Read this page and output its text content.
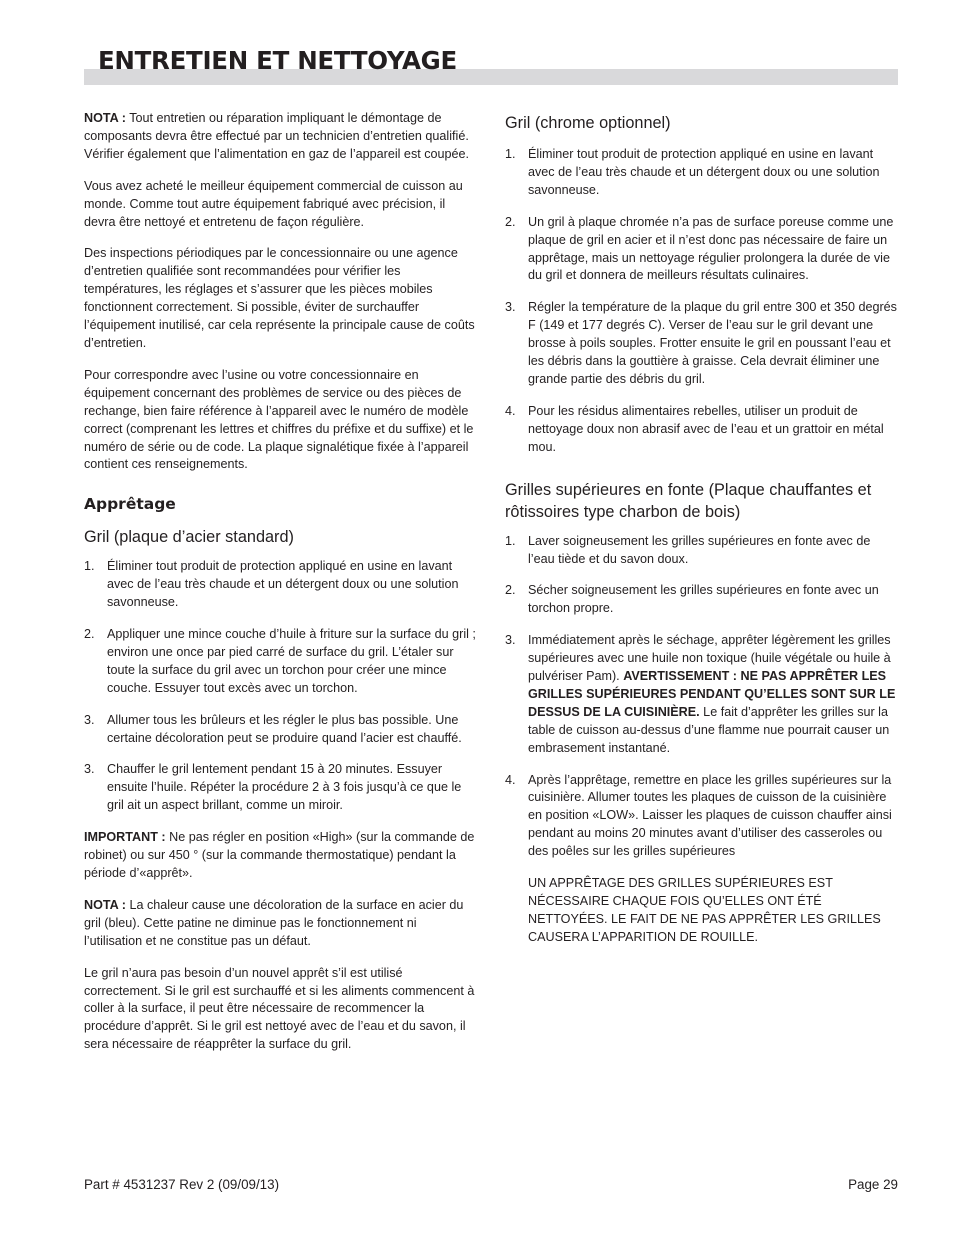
ENTRETIEN ET NETTOYAGE

NOTA : Tout entretien ou réparation impliquant le démontage de composants devra être effectué par un technicien d’entretien qualifié. Vérifier également que l’alimentation en gaz de l’appareil est coupée.

Vous avez acheté le meilleur équipement commercial de cuisson au monde. Comme tout autre équipement fabriqué avec précision, il devra être nettoyé et entretenu de façon régulière.

Des inspections périodiques par le concessionnaire ou une agence d’entretien qualifiée sont recommandées pour vérifier les températures, les réglages et s’assurer que les pièces mobiles fonctionnent correctement. Si possible, éviter de surchauffer l’équipement inutilisé, car cela représente la principale cause de coûts d’entretien.

Pour correspondre avec l’usine ou votre concessionnaire en équipement concernant des problèmes de service ou des pièces de rechange, bien faire référence à l’appareil avec le numéro de modèle correct (comprenant les lettres et chiffres du préfixe et du suffixe) et le numéro de série ou de code. La plaque signalétique fixée à l’appareil contient ces renseignements.

Apprêtage
Gril (plaque d’acier standard)
1. Éliminer tout produit de protection appliqué en usine en lavant avec de l’eau très chaude et un détergent doux ou une solution savonneuse.
2. Appliquer une mince couche d’huile à friture sur la surface du gril ; environ une once par pied carré de surface du gril. L’étaler sur toute la surface du gril avec un torchon pour créer une mince couche. Essuyer tout excès avec un torchon.
3. Allumer tous les brûleurs et les régler le plus bas possible. Une certaine décoloration peut se produire quand l’acier est chauffé.
3. Chauffer le gril lentement pendant 15 à 20 minutes. Essuyer ensuite l’huile. Répéter la procédure 2 à 3 fois jusqu’à ce que le gril ait un aspect brillant, comme un miroir.

IMPORTANT : Ne pas régler en position «High» (sur la commande de robinet) ou sur 450 ° (sur la commande thermostatique) pendant la période d’«apprêt».

NOTA : La chaleur cause une décoloration de la surface en acier du gril (bleu). Cette patine ne diminue pas le fonctionnement ni l’utilisation et ne constitue pas un défaut.

Le gril n’aura pas besoin d’un nouvel apprêt s’il est utilisé correctement. Si le gril est surchauffé et si les aliments commencent à coller à la surface, il peut être nécessaire de recommencer la procédure d’apprêt. Si le gril est nettoyé avec de l’eau et du savon, il sera nécessaire de réapprêter la surface du gril.

Gril (chrome optionnel)
1. Éliminer tout produit de protection appliqué en usine en lavant avec de l’eau très chaude et un détergent doux ou une solution savonneuse.
2. Un gril à plaque chromée n’a pas de surface poreuse comme une plaque de gril en acier et il n’est donc pas nécessaire de faire un apprêtage, mais un nettoyage régulier prolongera la durée de vie du gril et donnera de meilleurs résultats culinaires.
3. Régler la température de la plaque du gril entre 300 et 350 degrés F (149 et 177 degrés C). Verser de l’eau sur le gril devant une brosse à poils souples. Frotter ensuite le gril en poussant l’eau et les débris dans la gouttière à graisse. Cela devrait éliminer une grande partie des débris du gril.
4. Pour les résidus alimentaires rebelles, utiliser un produit de nettoyage doux non abrasif avec de l’eau et un grattoir en métal mou.
Grilles supérieures en fonte (Plaque chauffantes et rôtissoires type charbon de bois)
1. Laver soigneusement les grilles supérieures en fonte avec de l’eau tiède et du savon doux.
2. Sécher soigneusement les grilles supérieures en fonte avec un torchon propre.
3. Immédiatement après le séchage, apprêter légèrement les grilles supérieures avec une huile non toxique (huile végétale ou huile à pulvériser Pam). AVERTISSEMENT : NE PAS APPRÊTER LES GRILLES SUPÉRIEURES PENDANT QU’ELLES SONT SUR LE DESSUS DE LA CUISINIÈRE. Le fait d’apprêter les grilles sur la table de cuisson au-dessus d’une flamme nue pourrait causer un embrasement instantané.
4. Après l’apprêtage, remettre en place les grilles supérieures sur la cuisinière. Allumer toutes les plaques de cuisson de la cuisinière en position «LOW». Laisser les plaques de cuisson chauffer ainsi pendant au moins 20 minutes avant d’utiliser des casseroles ou des poêles sur les grilles supérieures

UN APPRÊTAGE DES GRILLES SUPÉRIEURES EST NÉCESSAIRE CHAQUE FOIS QU’ELLES ONT ÉTÉ NETTOYÉES. LE FAIT DE NE PAS APPRÊTER LES GRILLES CAUSERA L’APPARITION DE ROUILLE.

Part # 4531237 Rev 2 (09/09/13)	Page 29
